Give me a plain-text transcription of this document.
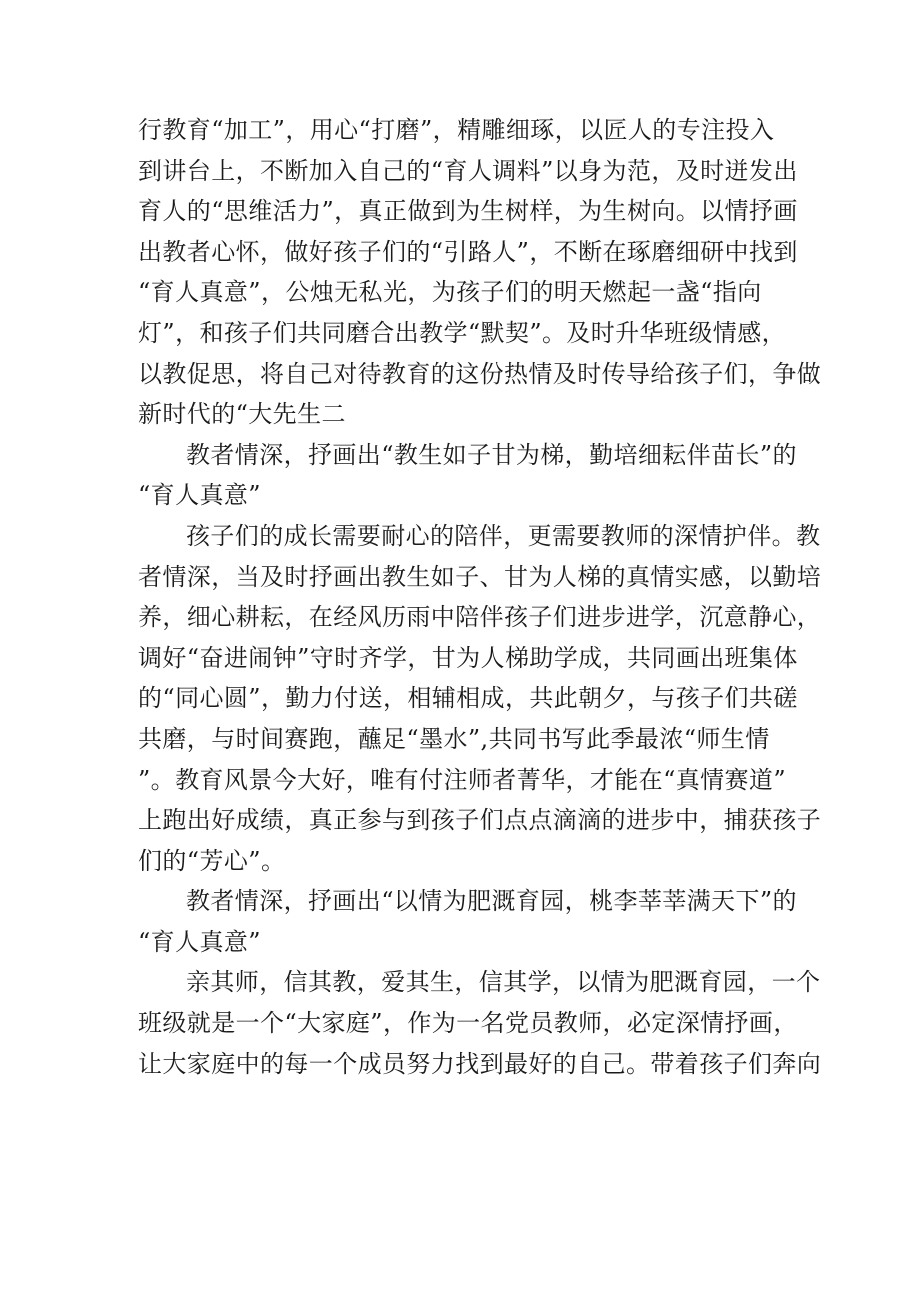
行教育“加工”，用心“打磨”，精雕细琢，以匠人的专注投入
到讲台上，不断加入自己的“育人调料”以身为范，及时迸发出
育人的“思维活力”，真正做到为生树样，为生树向。以情抒画
出教者心怀，做好孩子们的“引路人”，不断在琢磨细研中找到
“育人真意”，公烛无私光，为孩子们的明天燃起一盏“指向
灯”，和孩子们共同磨合出教学“默契”。及时升华班级情感，
以教促思，将自己对待教育的这份热情及时传导给孩子们，争做
新时代的“大先生二

教者情深，抒画出“教生如子甘为梯，勤培细耘伴苗长”的
“育人真意”

孩子们的成长需要耐心的陪伴，更需要教师的深情护伴。教
者情深，当及时抒画出教生如子、甘为人梯的真情实感，以勤培
养，细心耕耘，在经风历雨中陪伴孩子们进步进学，沉意静心，
调好“奋进闹钟”守时齐学，甘为人梯助学成，共同画出班集体
的“同心圆”，勤力付送，相辅相成，共此朝夕，与孩子们共磋
共磨，与时间赛跑，蘸足“墨水”,共同书写此季最浓“师生情
”。教育风景今大好，唯有付注师者菁华，才能在“真情赛道”
上跑出好成绩，真正参与到孩子们点点滴滴的进步中，捕获孩子
们的“芳心”。

教者情深，抒画出“以情为肥溉育园，桃李莘莘满天下”的
“育人真意”

亲其师，信其教，爱其生，信其学，以情为肥溉育园，一个
班级就是一个“大家庭”，作为一名党员教师，必定深情抒画，
让大家庭中的每一个成员努力找到最好的自己。带着孩子们奔向
